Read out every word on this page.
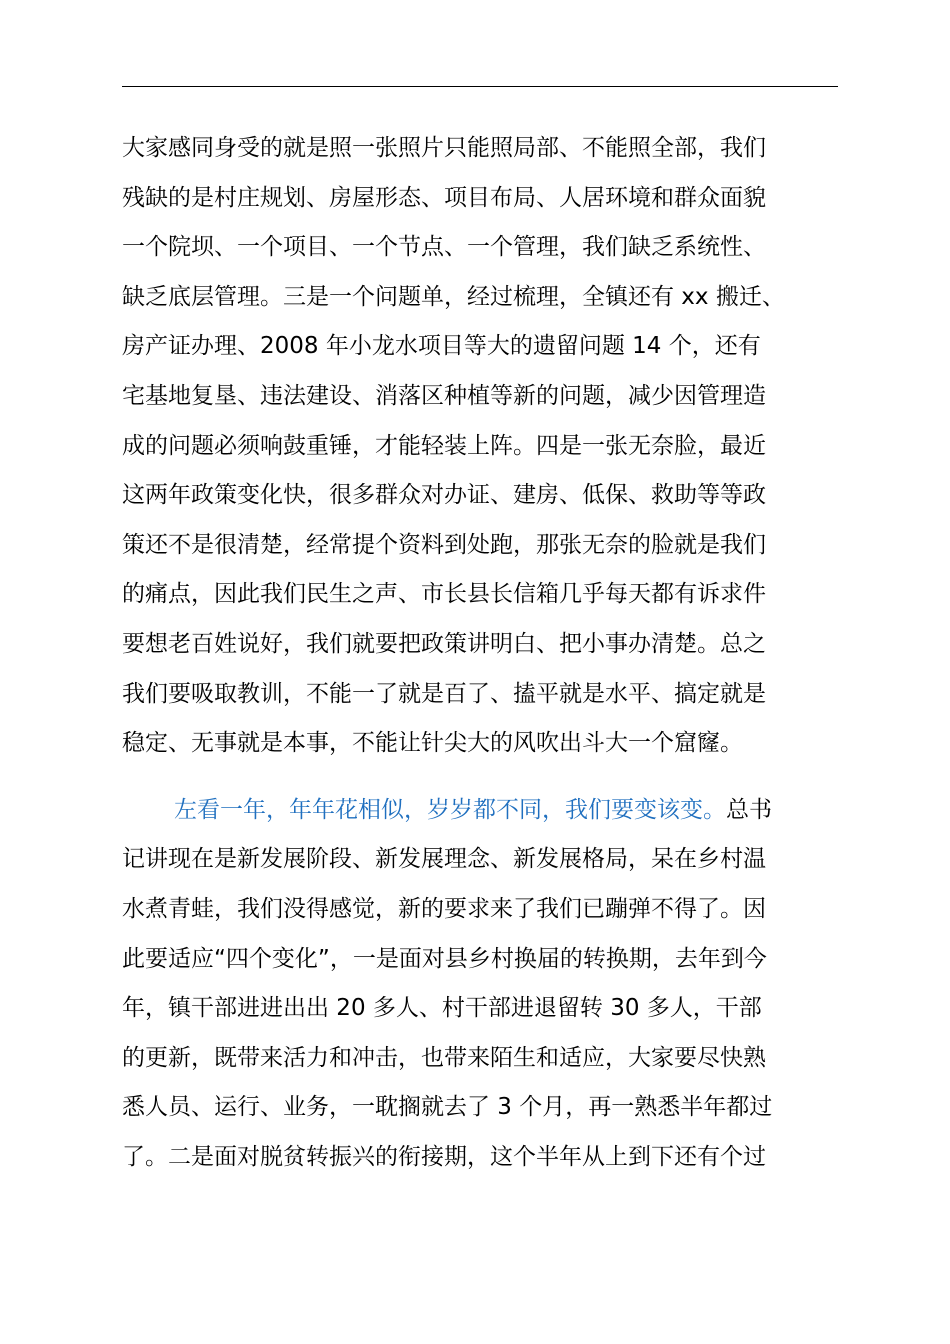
大家感同身受的就是照一张照片只能照局部、不能照全部，我们
残缺的是村庄规划、房屋形态、项目布局、人居环境和群众面貌
一个院坝、一个项目、一个节点、一个管理，我们缺乏系统性、
缺乏底层管理。三是一个问题单，经过梳理，全镇还有 xx 搬迁、
房产证办理、2008 年小龙水项目等大的遗留问题 14 个，还有
宅基地复垦、违法建设、消落区种植等新的问题，减少因管理造
成的问题必须响鼓重锤，才能轻装上阵。四是一张无奈脸，最近
这两年政策变化快，很多群众对办证、建房、低保、救助等等政
策还不是很清楚，经常提个资料到处跑，那张无奈的脸就是我们
的痛点，因此我们民生之声、市长县长信箱几乎每天都有诉求件
要想老百姓说好，我们就要把政策讲明白、把小事办清楚。总之
我们要吸取教训，不能一了就是百了、搕平就是水平、搞定就是
稳定、无事就是本事，不能让针尖大的风吹出斗大一个窟窿。
左看一年，年年花相似，岁岁都不同，我们要变该变。总书
记讲现在是新发展阶段、新发展理念、新发展格局，呆在乡村温
水煮青蛙，我们没得感觉，新的要求来了我们已蹦弹不得了。因
此要适应“四个变化”，一是面对县乡村换届的转换期，去年到今
年，镇干部进进出出 20 多人、村干部进退留转 30 多人，干部
的更新，既带来活力和冲击，也带来陌生和适应，大家要尽快熟
悉人员、运行、业务，一耽搁就去了 3 个月，再一熟悉半年都过
了。二是面对脱贫转振兴的衔接期，这个半年从上到下还有个过
